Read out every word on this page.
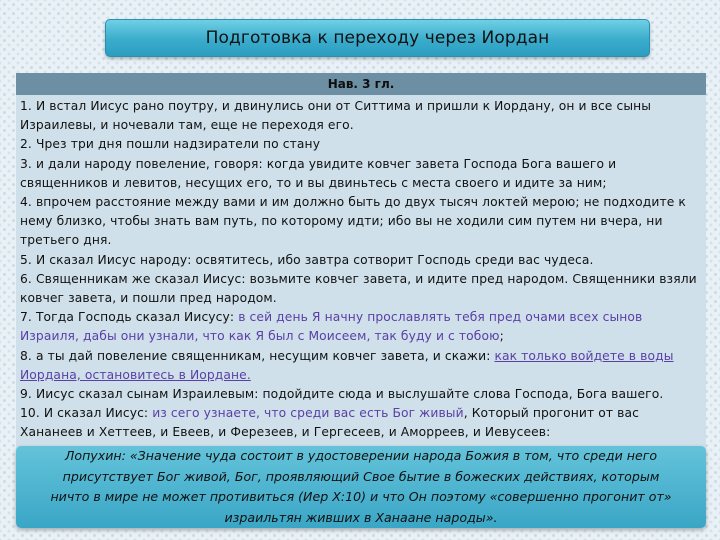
Подготовка к переходу через Иордан
Нав. 3 гл.

1. И встал Иисус рано поутру, и двинулись они от Ситтима и пришли к Иордану, он и все сыны Израилевы, и ночевали там, еще не переходя его.
2. Чрез три дня пошли надзиратели по стану
3. и дали народу повеление, говоря: когда увидите ковчег завета Господа Бога вашего и священников и левитов, несущих его, то и вы двиньтесь с места своего и идите за ним;
4. впрочем расстояние между вами и им должно быть до двух тысяч локтей мерою; не подходите к нему близко, чтобы знать вам путь, по которому идти; ибо вы не ходили сим путем ни вчера, ни третьего дня.
5. И сказал Иисус народу: освятитесь, ибо завтра сотворит Господь среди вас чудеса.
6. Священникам же сказал Иисус: возьмите ковчег завета, и идите пред народом. Священники взяли ковчег завета, и пошли пред народом.
7. Тогда Господь сказал Иисусу: в сей день Я начну прославлять тебя пред очами всех сынов Израиля, дабы они узнали, что как Я был с Моисеем, так буду и с тобою;
8. а ты дай повеление священникам, несущим ковчег завета, и скажи: как только войдете в воды Иордана, остановитесь в Иордане.
9. Иисус сказал сынам Израилевым: подойдите сюда и выслушайте слова Господа, Бога вашего.
10. И сказал Иисус: из сего узнаете, что среди вас есть Бог живый, Который прогонит от вас Хананеев и Хеттеев, и Евеев, и Ферезеев, и Гергесеев, и Аморреев, и Иевусеев:

Лопухин: «Значение чуда состоит в удостоверении народа Божия в том, что среди него присутствует Бог живой, Бог, проявляющий Свое бытие в божеских действиях, которым ничто в мире не может противиться (Иер X:10) и что Он поэтому «совершенно прогонит от» израильтян живших в Ханаане народы».
